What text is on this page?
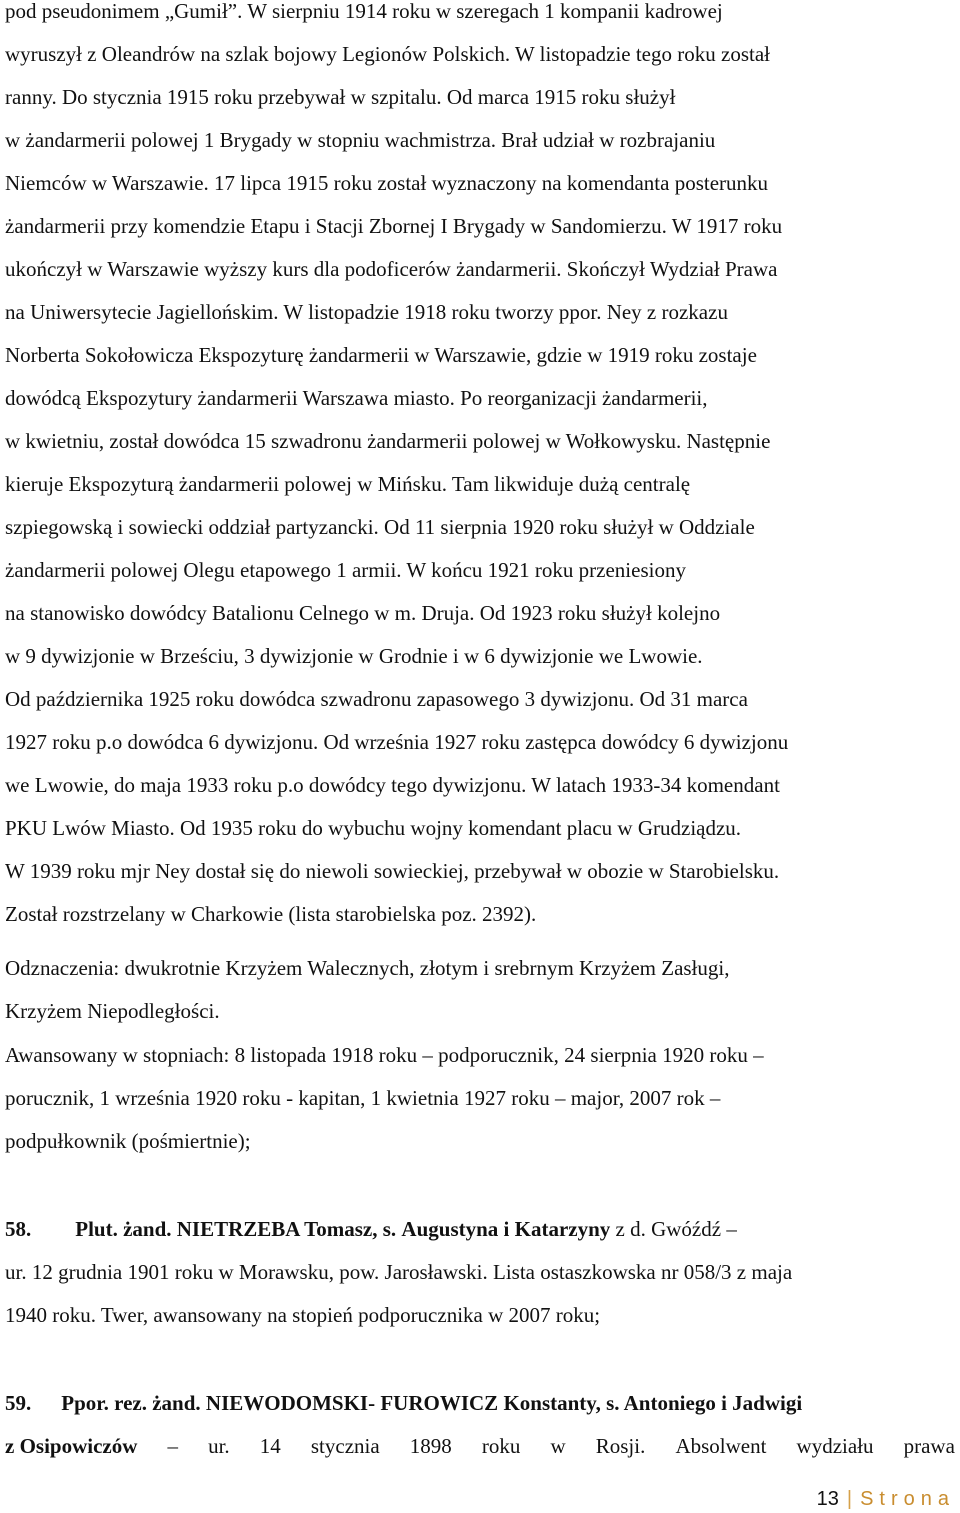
pod pseudonimem „Gumił”. W sierpniu 1914 roku w szeregach 1 kompanii kadrowej
wyruszył z Oleandrów na szlak bojowy Legionów Polskich. W listopadzie tego roku został
ranny. Do stycznia 1915 roku przebywał w szpitalu. Od marca 1915 roku służył
w żandarmerii polowej 1 Brygady w stopniu wachmistrza. Brał udział w rozbrajaniu
Niemców w Warszawie. 17 lipca 1915 roku został wyznaczony na komendanta posterunku
żandarmerii przy komendzie Etapu i Stacji Zbornej I Brygady w Sandomierzu. W 1917 roku
ukończył w Warszawie wyższy kurs dla podoficerów żandarmerii. Skończył Wydział Prawa
na Uniwersytecie Jagiellońskim. W listopadzie 1918 roku tworzy ppor. Ney z rozkazu
Norberta Sokołowicza Ekspozyturę żandarmerii w Warszawie, gdzie w 1919 roku zostaje
dowódcą Ekspozytury żandarmerii Warszawa miasto. Po reorganizacji żandarmerii,
w kwietniu, został dowódca 15 szwadronu żandarmerii polowej w Wołkowysku. Następnie
kieruje Ekspozyturą żandarmerii polowej w Mińsku. Tam likwiduje dużą centralę
szpiegowską i sowiecki oddział partyzancki. Od 11 sierpnia 1920 roku służył w Oddziale
żandarmerii polowej Olegu etapowego 1 armii. W końcu 1921 roku przeniesiony
na stanowisko dowódcy Batalionu Celnego w m. Druja. Od 1923 roku służył kolejno
w 9 dywizjonie w Brześciu, 3 dywizjonie w Grodnie i w 6 dywizjonie we Lwowie.
Od października 1925 roku dowódca szwadronu zapasowego 3 dywizjonu. Od 31 marca
1927 roku p.o dowódca 6 dywizjonu. Od września 1927 roku zastępca dowódcy 6 dywizjonu
we Lwowie, do maja 1933 roku p.o dowódcy tego dywizjonu. W latach 1933-34 komendant
PKU Lwów Miasto. Od 1935 roku do wybuchu wojny komendant placu w Grudziądzu.
W 1939 roku mjr Ney dostał się do niewoli sowieckiej, przebywał w obozie w Starobielsku.
Został rozstrzelany w Charkowie (lista starobielska poz. 2392).
Odznaczenia: dwukrotnie Krzyżem Walecznych, złotym i srebrnym Krzyżem Zasługi,
Krzyżem Niepodległości.
Awansowany w stopniach: 8 listopada 1918 roku – podporucznik, 24 sierpnia 1920 roku –
porucznik, 1 września 1920 roku - kapitan, 1 kwietnia 1927 roku – major, 2007 rok –
podpułkownik (pośmiertnie);
58. Plut. żand. NIETRZEBA Tomasz, s. Augustyna i Katarzyny z d. Gwóźdź –
ur. 12 grudnia 1901 roku w Morawsku, pow. Jarosławski. Lista ostaszkowska nr 058/3 z maja
1940 roku. Twer, awansowany na stopień podporucznika w 2007 roku;
59. Ppor. rez. żand. NIEWODOMSKI- FUROWICZ Konstanty, s. Antoniego i Jadwigi
z Osipowiczów – ur. 14 stycznia 1898 roku w Rosji. Absolwent wydziału prawa
13 | Strona
